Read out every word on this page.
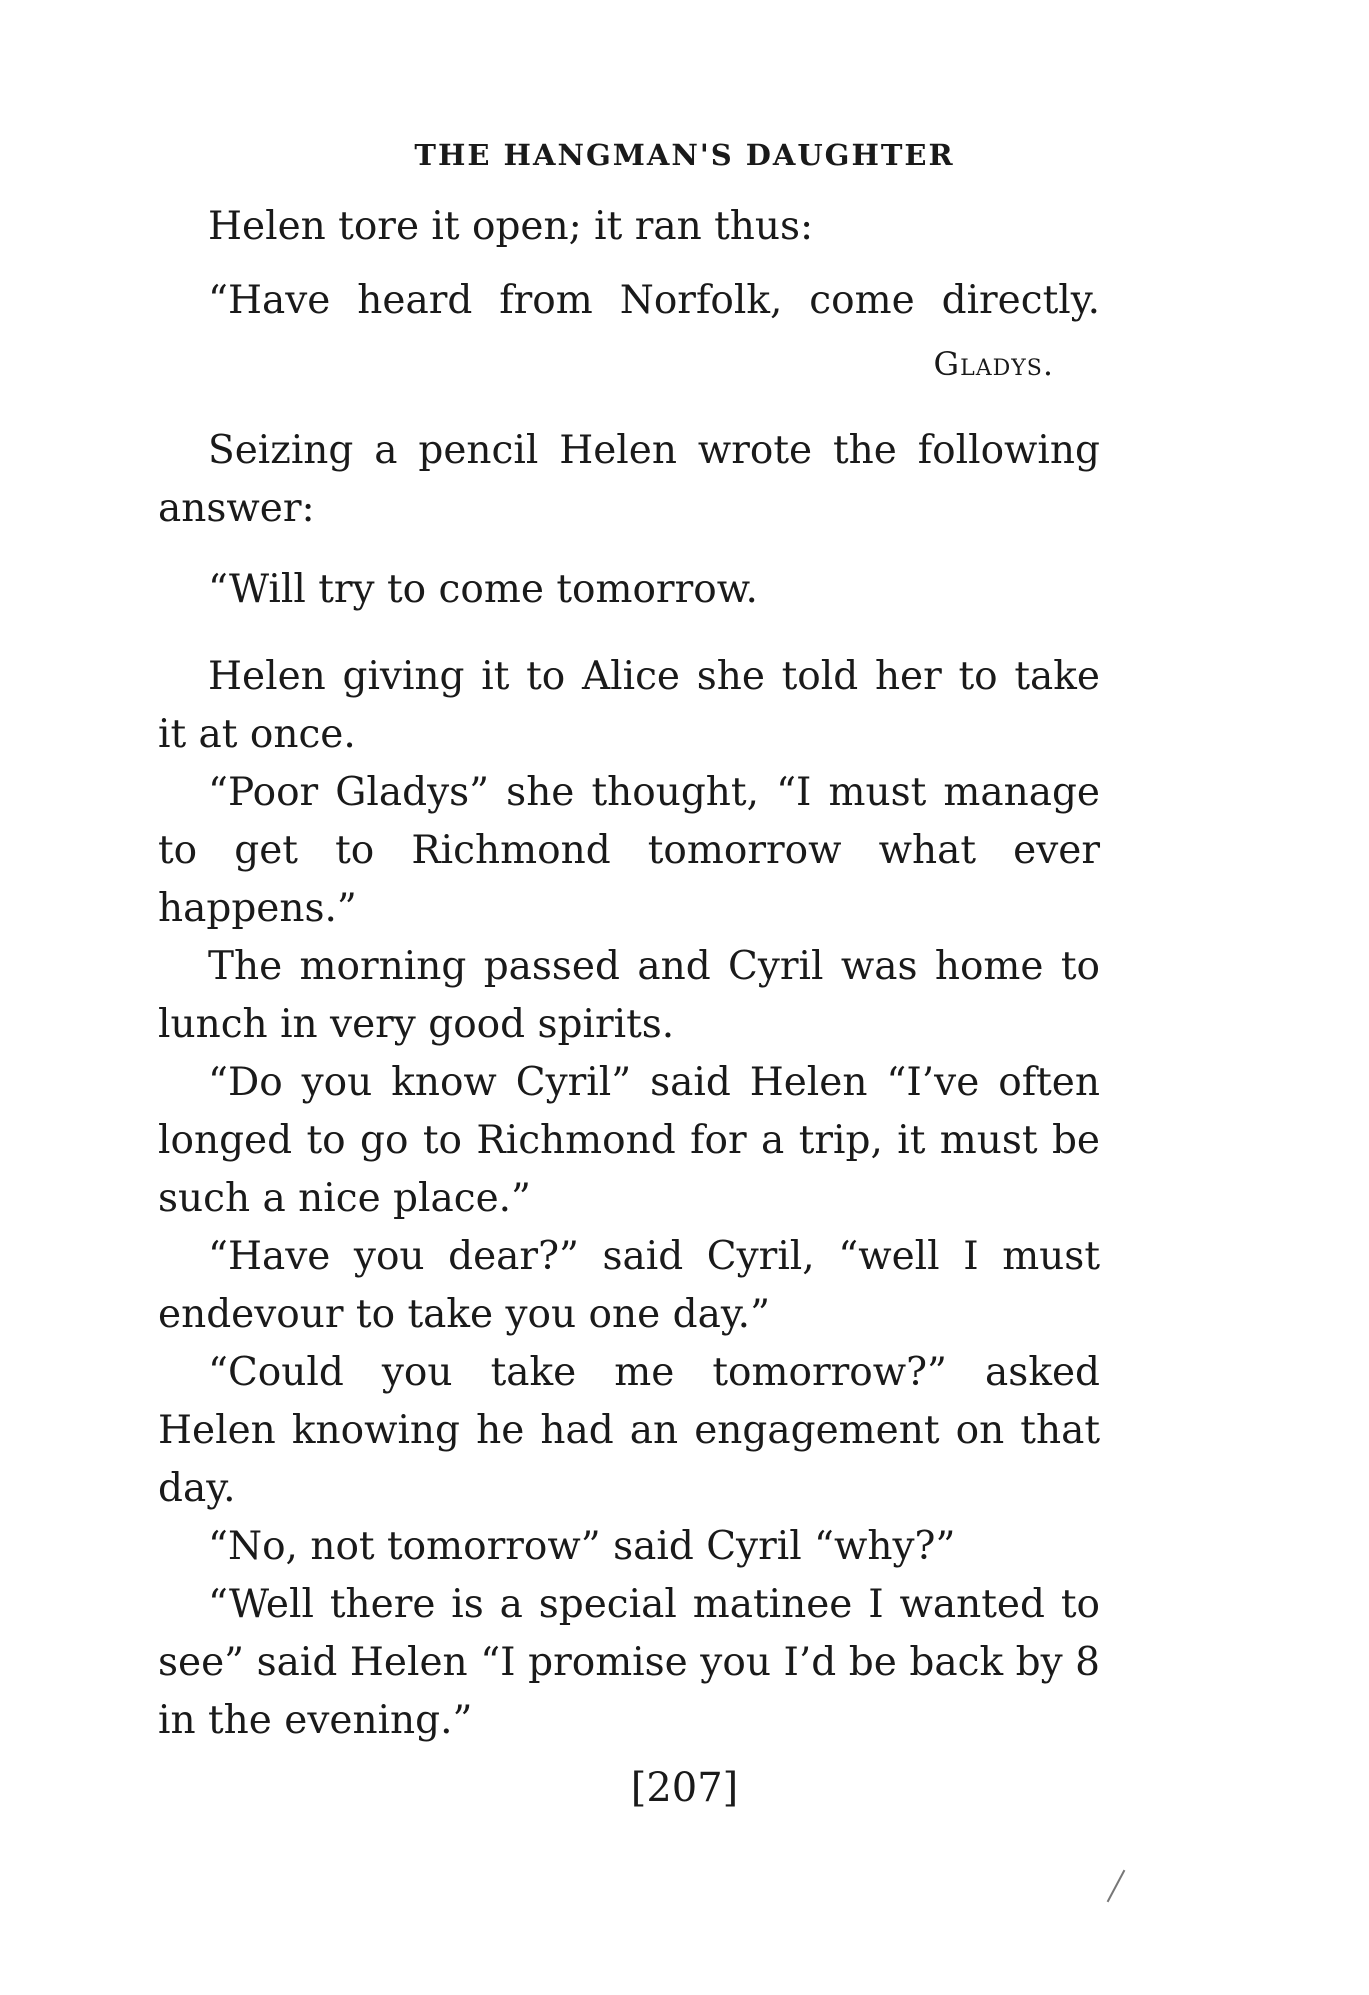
THE HANGMAN'S DAUGHTER

Helen tore it open; it ran thus:

“Have heard from Norfolk, come directly.

Gladys.

Seizing a pencil Helen wrote the following answer:

“Will try to come tomorrow.

Helen giving it to Alice she told her to take it at once.

“Poor Gladys” she thought, “I must manage to get to Richmond tomorrow what ever happens.”

The morning passed and Cyril was home to lunch in very good spirits.

“Do you know Cyril” said Helen “I’ve often longed to go to Richmond for a trip, it must be such a nice place.”

“Have you dear?” said Cyril, “well I must endevour to take you one day.”

“Could you take me tomorrow?” asked Helen knowing he had an engagement on that day.

“No, not tomorrow” said Cyril “why?”

“Well there is a special matinee I wanted to see” said Helen “I promise you I’d be back by 8 in the evening.”

[207]
